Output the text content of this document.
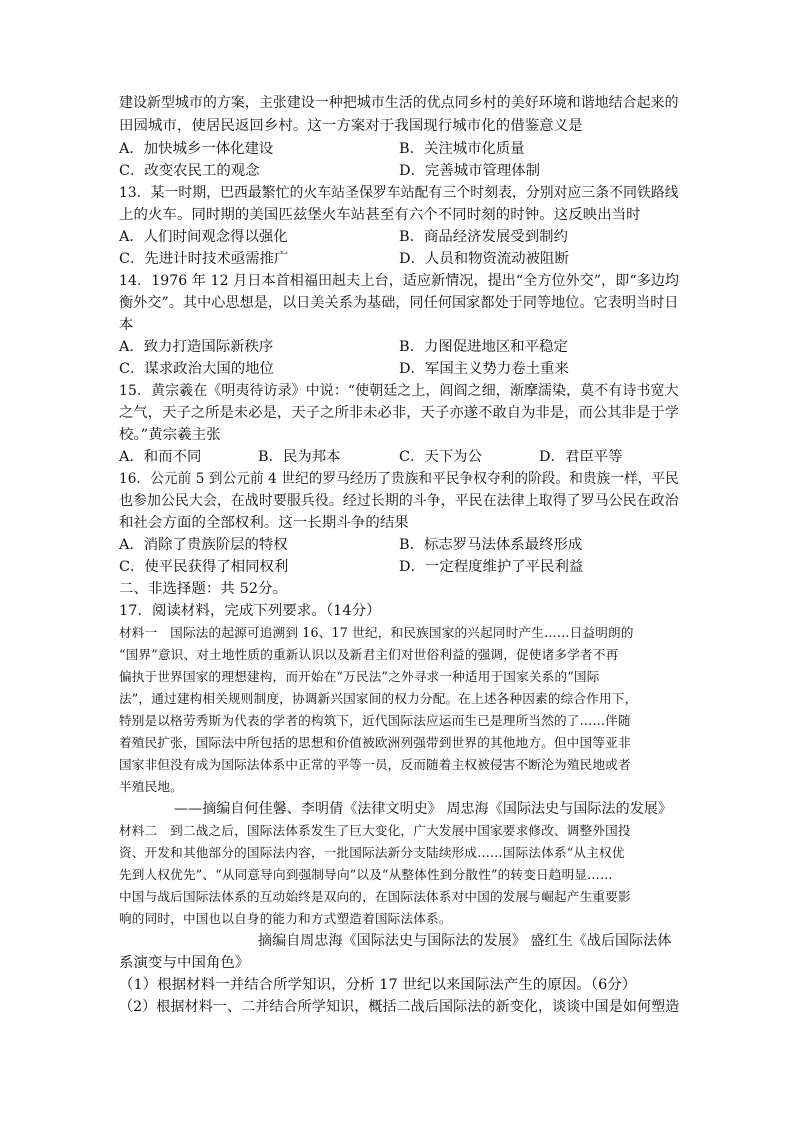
建设新型城市的方案，主张建设一种把城市生活的优点同乡村的美好环境和谐地结合起来的
田园城市，使居民返回乡村。这一方案对于我国现行城市化的借鉴意义是
A．加快城乡一体化建设	B．关注城市化质量
C．改变农民工的观念	D．完善城市管理体制
13．某一时期，巴西最繁忙的火车站圣保罗车站配有三个时刻表，分别对应三条不同铁路线
上的火车。同时期的美国匹兹堡火车站甚至有六个不同时刻的时钟。这反映出当时
A．人们时间观念得以强化	B．商品经济发展受到制约
C．先进计时技术亟需推广	D．人员和物资流动被阻断
14．1976 年 12 月日本首相福田赳夫上台，适应新情况，提出“全方位外交”，即“多边均
衡外交”。其中心思想是，以日美关系为基础，同任何国家都处于同等地位。它表明当时日
本
A．致力打造国际新秩序	B．力图促进地区和平稳定
C．谋求政治大国的地位	D．军国主义势力卷土重来
15．黄宗羲在《明夷待访录》中说：“使朝廷之上，闾阎之细，渐摩濡染，莫不有诗书宽大
之气，天子之所是未必是，天子之所非未必非，天子亦遂不敢自为非是，而公其非是于学
校。”黄宗羲主张
A．和而不同	B．民为邦本	C．天下为公	D．君臣平等
16．公元前 5 到公元前 4 世纪的罗马经历了贵族和平民争权夺利的阶段。和贵族一样，平民
也参加公民大会，在战时要服兵役。经过长期的斗争，平民在法律上取得了罗马公民在政治
和社会方面的全部权利。这一长期斗争的结果
A．消除了贵族阶层的特权	B．标志罗马法体系最终形成
C．使平民获得了相同权利	D．一定程度维护了平民利益
二、非选择题：共 52分。
17．阅读材料，完成下列要求。（14分）
材料一　国际法的起源可追溯到 16、17 世纪，和民族国家的兴起同时产生……日益明朗的
“国界”意识、对土地性质的重新认识以及新君主们对世俗利益的强调，促使诸多学者不再
偏执于世界国家的理想建构，而开始在“万民法”之外寻求一种适用于国家关系的“国际
法”，通过建构相关规则制度，协调新兴国家间的权力分配。在上述各种因素的综合作用下，
特别是以格劳秀斯为代表的学者的构筑下，近代国际法应运而生已是理所当然的了……伴随
着殖民扩张，国际法中所包括的思想和价值被欧洲列强带到世界的其他地方。但中国等亚非
国家非但没有成为国际法体系中正常的平等一员，反而随着主权被侵害不断沦为殖民地或者
半殖民地。
——摘编自何佳馨、李明倩《法律文明史》 周忠海《国际法史与国际法的发展》
材料二　到二战之后，国际法体系发生了巨大变化，广大发展中国家要求修改、调整外国投
资、开发和其他部分的国际法内容，一批国际法新分支陆续形成……国际法体系“从主权优
先到人权优先”、“从同意导向到强制导向”以及“从整体性到分散性”的转变日趋明显……
中国与战后国际法体系的互动始终是双向的，在国际法体系对中国的发展与崛起产生重要影
响的同时，中国也以自身的能力和方式塑造着国际法体系。
摘编自周忠海《国际法史与国际法的发展》 盛红生《战后国际法体
系演变与中国角色》
（1）根据材料一并结合所学知识，分析 17 世纪以来国际法产生的原因。（6分）
（2）根据材料一、二并结合所学知识，概括二战后国际法的新变化，谈谈中国是如何塑造
